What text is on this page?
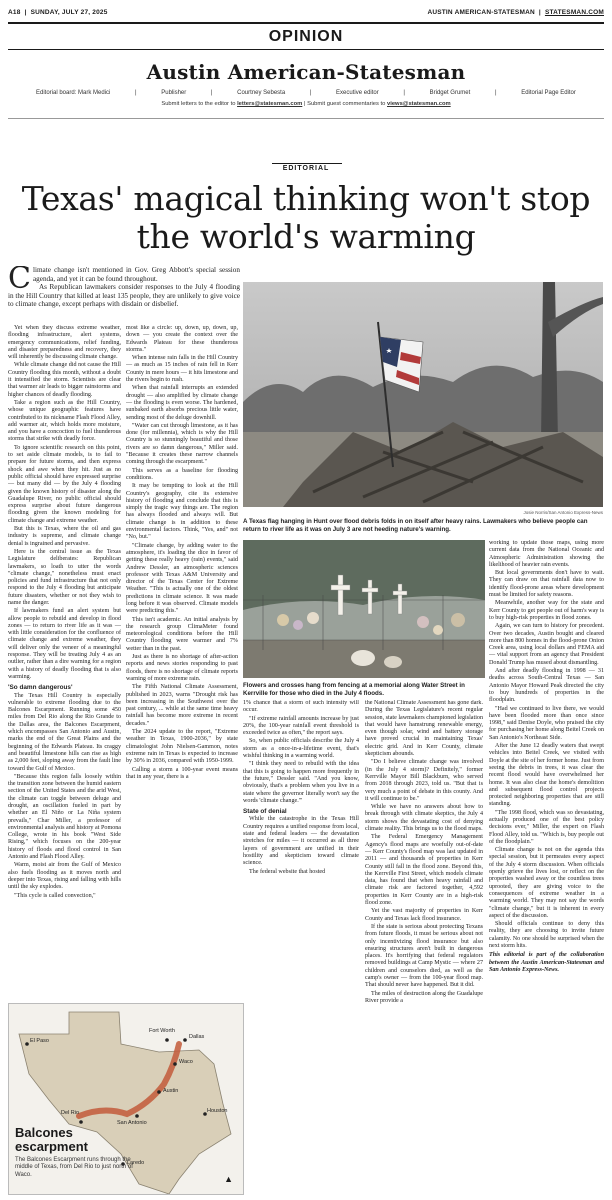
A18  |  SUNDAY, JULY 27, 2025	AUSTIN AMERICAN-STATESMAN  |  STATESMAN.COM
OPINION
Austin American-Statesman
Editorial board: Mark Medici	|	Publisher	|	Courtney Sebesta	|	Executive editor	|	Bridget Grumet	|	Editorial Page Editor
Submit letters to the editor to letters@statesman.com | Submit guest commentaries to views@statesman.com
EDITORIAL
Texas' magical thinking won't stop the world's warming
C limate change isn't mentioned in Gov. Greg Abbott's special session agenda, and yet it can be found throughout.
As Republican lawmakers consider responses to the July 4 flooding in the Hill Country that killed at least 135 people, they are unlikely to give voice to climate change, except perhaps with disdain or disbelief.

Yet when they discuss extreme weather, flooding infrastructure, alert systems, emergency communications, relief funding, and disaster preparedness and recovery, they will inherently be discussing climate change.

While climate change did not cause the Hill Country flooding this month, without a doubt it intensified the storm. Scientists are clear that warmer air leads to bigger rainstorms and higher chances of deadly flooding.

Take a region such as the Hill Country, whose unique geographic features have contributed to its nickname Flash Flood Alley, add warmer air, which holds more moisture, and you have a concoction to fuel thunderous storms that strike with deadly force.

To ignore scientific research on this point, to set aside climate models, is to fail to prepare for future storms, and then express shock and awe when they hit. Just as no public official should have expressed surprise — but many did — by the July 4 flooding given the known history of disaster along the Guadalupe River, no public official should express surprise about future dangerous flooding given the known modeling for climate change and extreme weather.

But this is Texas, where the oil and gas industry is supreme, and climate change denial is ingrained and pervasive.

Here is the central issue as the Texas Legislature deliberates: Republican lawmakers, so loath to utter the words "climate change," nonetheless must enact policies and fund infrastructure that not only respond to the July 4 flooding but anticipate future disasters, whether or not they wish to name the danger.

If lawmakers fund an alert system but allow people to rebuild and develop in flood zones — to return to river life as it was — with little consideration for the confluence of climate change and extreme weather, they will deliver only the veneer of a meaningful response. They will be treating July 4 as an outlier, rather than a dire warning for a region with a history of deadly flooding that is also warming.

'So damn dangerous'

The Texas Hill Country is especially vulnerable to extreme flooding due to the Balcones Escarpment. Running some 450 miles from Del Rio along the Rio Grande to the Dallas area, the Balcones Escarpment, which encompasses San Antonio and Austin, marks the end of the Great Plains and the beginning of the Edwards Plateau. Its craggy and beautiful limestone hills can rise as high as 2,000 feet, sloping away from the fault line toward the Gulf of Mexico.

"Because this region falls loosely within the transition zone between the humid eastern section of the United States and the arid West, the climate can toggle between deluge and drought, an oscillation fueled in part by whether an El Niño or La Niña system prevails," Char Miller, a professor of environmental analysis and history at Pomona College, wrote in his book "West Side Rising," which focuses on the 200-year history of floods and flood control in San Antonio and Flash Flood Alley.

Warm, moist air from the Gulf of Mexico also fuels flooding as it moves north and deeper into Texas, rising and falling with hills until the sky explodes.

"This cycle is called convection,"

most like a circle: up, down, up, down, up, down — you create the context over the Edwards Plateau for these thunderous storms."

When intense rain falls in the Hill Country — as much as 15 inches of rain fell in Kerr County in mere hours — it hits limestone and the rivers begin to rush.

When that rainfall interrupts an extended drought — also amplified by climate change — the flooding is even worse. The hardened, sunbaked earth absorbs precious little water, sending most of the deluge downhill.

"Water can cut through limestone, as it has done (for millennia), which is why the Hill Country is so stunningly beautiful and those rivers are so damn dangerous," Miller said. "Because it creates these narrow channels coming through the escarpment."

This serves as a baseline for flooding conditions.

It may be tempting to look at the Hill Country's geography, cite its extensive history of flooding and conclude that this is simply the tragic way things are. The region has always flooded and always will. But climate change is in addition to these environmental factors. Think, "Yes, and" not "No, but."

"Climate change, by adding water to the atmosphere, it's loading the dice in favor of getting these really heavy (rain) events," said Andrew Dessler, an atmospheric sciences professor with Texas A&M University and director of the Texas Center for Extreme Weather. "This is actually one of the oldest predictions in climate science. It was made long before it was observed. Climate models were predicting this."

This isn't academic. An initial analysis by the research group ClimaMeter found meteorological conditions before the Hill Country flooding were warmer and 7% wetter than in the past.

Just as there is no shortage of after-action reports and news stories responding to past floods, there is no shortage of climate reports warning of more extreme rain.

The Fifth National Climate Assessment, published in 2023, warns "Drought risk has been increasing in the Southwest over the past century, ... while at the same time heavy rainfall has become more extreme in recent decades."

The 2024 update to the report, "Extreme weather in Texas, 1900-2036," by state climatologist John Nielsen-Gammon, notes extreme rain in Texas is expected to increase by 30% in 2036, compared with 1950-1999.

Calling a storm a 100-year event means that in any year, there is a

Josie Norris/San Antonio Express-News
A Texas flag hanging in Hunt over flood debris folds in on itself after heavy rains. Lawmakers who believe people can return to river life as it was on July 3 are not heeding nature's warning.
Flowers and crosses hang from fencing at a memorial along Water Street in Kerrville for those who died in the July 4 floods.

1% chance that a storm of such intensity will occur.

"If extreme rainfall amounts increase by just 20%, the 100-year rainfall event threshold is exceeded twice as often," the report says.

So, when public officials describe the July 4 storm as a once-in-a-lifetime event, that's wishful thinking in a warming world.

"I think they need to rebuild with the idea that this is going to happen more frequently in the future," Dessler said. "And you know, obviously, that's a problem when you live in a state where the governor literally won't say the words 'climate change.'"

State of denial

While the catastrophe in the Texas Hill Country requires a unified response from local, state and federal leaders — the devastation stretches for miles — it occurred as all three layers of government are unified in their hostility and skepticism toward climate science.

The federal website that hosted

the National Climate Assessment has gone dark. During the Texas Legislature's recent regular session, state lawmakers championed legislation that would have hamstrung renewable energy, even though solar, wind and battery storage have proved crucial in maintaining Texas' electric grid. And in Kerr County, climate skepticism abounds.

"Do I believe climate change was involved (in the July 4 storm)? Definitely," former Kerrville Mayor Bill Blackburn, who served from 2018 through 2023, told us. "But that is very much a point of debate in this county. And it will continue to be."

While we have no answers about how to break through with climate skeptics, the July 4 storm shows the devastating cost of denying climate reality. This brings us to the flood maps.

The Federal Emergency Management Agency's flood maps are woefully out-of-date — Kerr County's flood map was last updated in 2011 — and thousands of properties in Kerr County still fall in the flood zone. Beyond this, the Kerrville First Street, which models climate data, has found that when heavy rainfall and climate risk are factored together, 4,592 properties in Kerr County are in a high-risk flood zone.

Yet the vast majority of properties in Kerr County and Texas lack flood insurance.

If the state is serious about protecting Texans from future floods, it must be serious about not only incentivizing flood insurance but also ensuring structures aren't built in dangerous places. It's horrifying that federal regulators removed buildings at Camp Mystic — where 27 children and counselors died, as well as the camp's owner — from the 100-year flood map. That should never have happened. But it did.

The miles of destruction along the Guadalupe River provide a

working to update those maps, using more current data from the National Oceanic and Atmospheric Administration showing the likelihood of heavier rain events.

But local governments don't have to wait. They can draw on that rainfall data now to identify flood-prone areas where development must be limited for safety reasons.

Meanwhile, another way for the state and Kerr County to get people out of harm's way is to buy high-risk properties in flood zones.

Again, we can turn to history for precedent. Over two decades, Austin bought and cleared more than 800 homes in the flood-prone Onion Creek area, using local dollars and FEMA aid — vital support from an agency that President Donald Trump has mused about dismantling.

And after deadly flooding in 1998 — 31 deaths across South-Central Texas — San Antonio Mayor Howard Peak directed the city to buy hundreds of properties in the floodplain.

"Had we continued to live there, we would have been flooded more than once since 1998," said Denise Doyle, who praised the city for purchasing her home along Beitel Creek on San Antonio's Northeast Side.

After the June 12 deadly waters that swept vehicles into Beitel Creek, we visited with Doyle at the site of her former home. Just from seeing the debris in trees, it was clear the recent flood would have overwhelmed her home. It was also clear the home's demolition and subsequent flood control projects protected neighboring properties that are still standing.

"The 1998 flood, which was so devastating, actually produced one of the best policy decisions ever," Miller, the expert on Flash Flood Alley, told us. "Which is, buy people out of the floodplain."

Climate change is not on the agenda this special session, but it permeates every aspect of the July 4 storm discussion. When officials openly grieve the lives lost, or reflect on the properties washed away or the countless trees uprooted, they are giving voice to the consequences of extreme weather in a warming world. They may not say the words "climate change," but it is inherent in every aspect of the discussion.

Should officials continue to deny this reality, they are choosing to invite future calamity. No one should be surprised when the next storm hits.

This editorial is part of the collaboration between the Austin American-Statesman and San Antonio Express-News.

El Paso
Fort Worth
Dallas
Waco
Austin
Del Rio
San Antonio
Houston
Laredo
Balcones
escarpment
The Balcones Escarpment runs through the middle of Texas, from Del Rio to just north of Waco.	▲
